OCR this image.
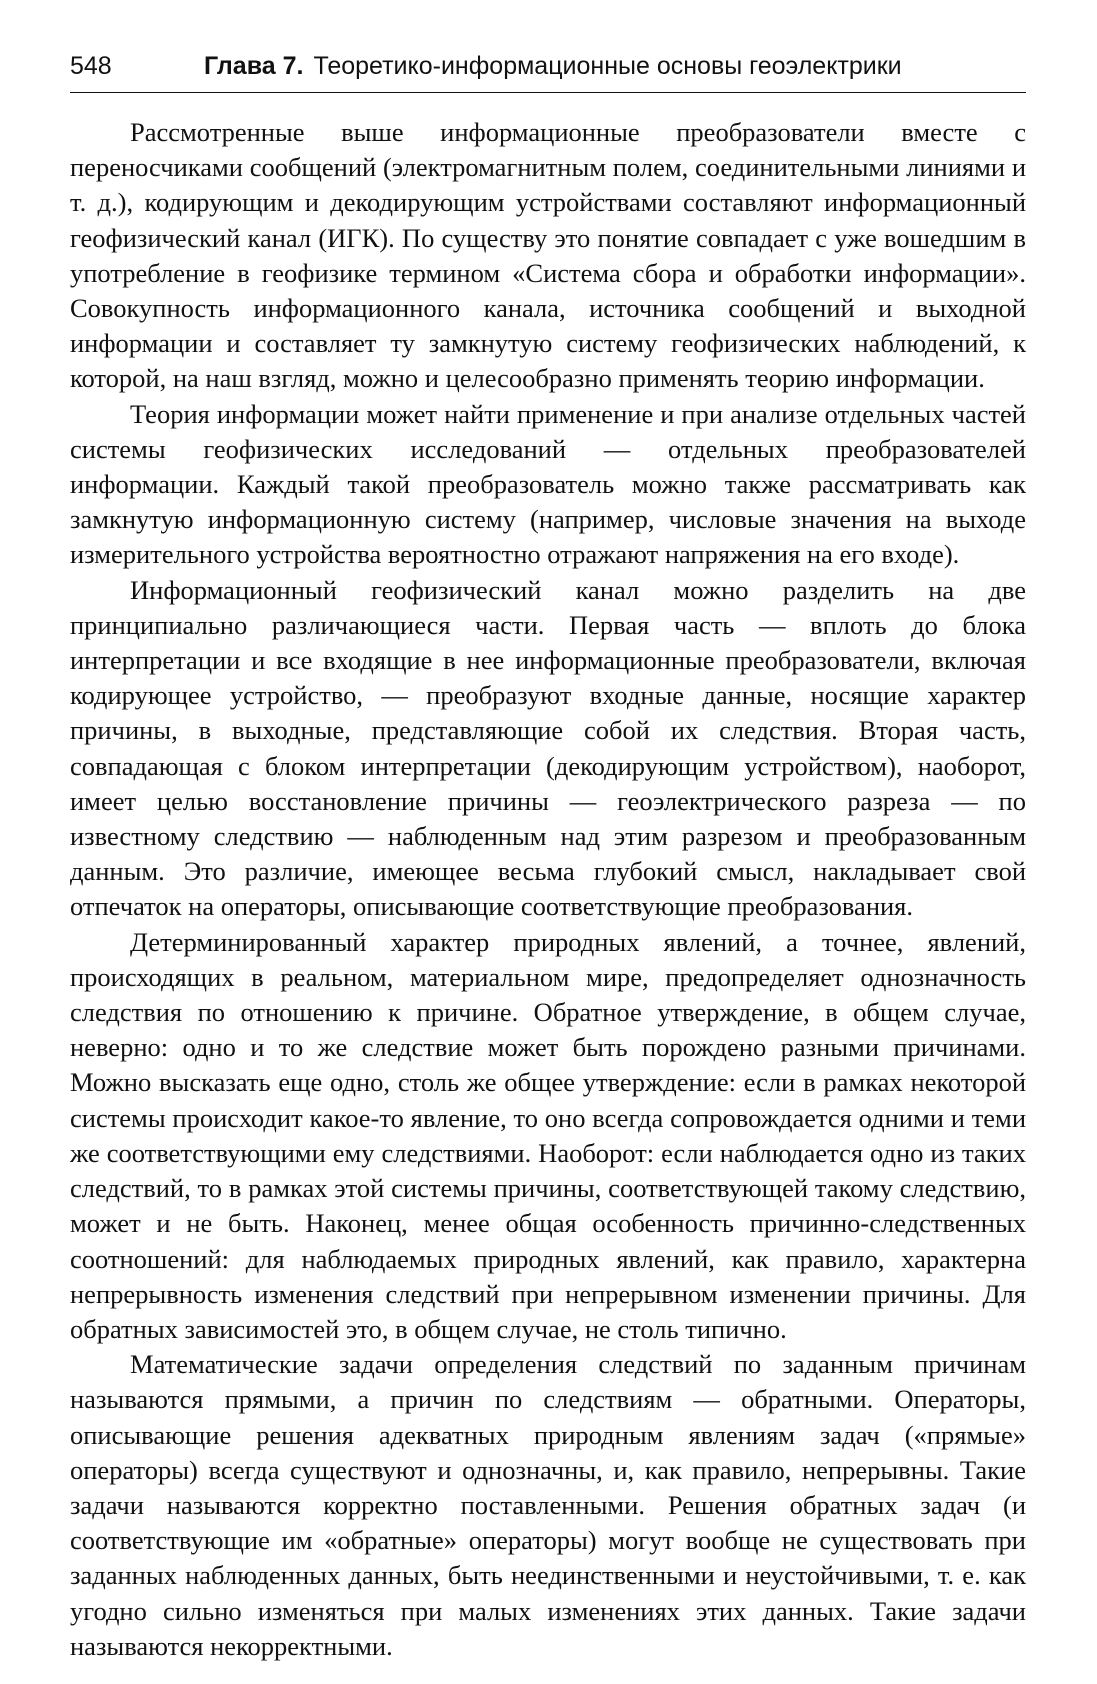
548	Глава 7. Теоретико-информационные основы геоэлектрики

Рассмотренные выше информационные преобразователи вместе с переносчиками сообщений (электромагнитным полем, соединительными линиями и т. д.), кодирующим и декодирующим устройствами составляют информационный геофизический канал (ИГК). По существу это понятие совпадает с уже вошедшим в употребление в геофизике термином «Система сбора и обработки информации». Совокупность информационного канала, источника сообщений и выходной информации и составляет ту замкнутую систему геофизических наблюдений, к которой, на наш взгляд, можно и целесообразно применять теорию информации.

Теория информации может найти применение и при анализе отдельных частей системы геофизических исследований — отдельных преобразователей информации. Каждый такой преобразователь можно также рассматривать как замкнутую информационную систему (например, числовые значения на выходе измерительного устройства вероятностно отражают напряжения на его входе).

Информационный геофизический канал можно разделить на две принципиально различающиеся части. Первая часть — вплоть до блока интерпретации и все входящие в нее информационные преобразователи, включая кодирующее устройство, — преобразуют входные данные, носящие характер причины, в выходные, представляющие собой их следствия. Вторая часть, совпадающая с блоком интерпретации (декодирующим устройством), наоборот, имеет целью восстановление причины — геоэлектрического разреза — по известному следствию — наблюденным над этим разрезом и преобразованным данным. Это различие, имеющее весьма глубокий смысл, накладывает свой отпечаток на операторы, описывающие соответствующие преобразования.

Детерминированный характер природных явлений, а точнее, явлений, происходящих в реальном, материальном мире, предопределяет однозначность следствия по отношению к причине. Обратное утверждение, в общем случае, неверно: одно и то же следствие может быть порождено разными причинами. Можно высказать еще одно, столь же общее утверждение: если в рамках некоторой системы происходит какое-то явление, то оно всегда сопровождается одними и теми же соответствующими ему следствиями. Наоборот: если наблюдается одно из таких следствий, то в рамках этой системы причины, соответствующей такому следствию, может и не быть. Наконец, менее общая особенность причинно-следственных соотношений: для наблюдаемых природных явлений, как правило, характерна непрерывность изменения следствий при непрерывном изменении причины. Для обратных зависимостей это, в общем случае, не столь типично.

Математические задачи определения следствий по заданным причинам называются прямыми, а причин по следствиям — обратными. Операторы, описывающие решения адекватных природным явлениям задач («прямые» операторы) всегда существуют и однозначны, и, как правило, непрерывны. Такие задачи называются корректно поставленными. Решения обратных задач (и соответствующие им «обратные» операторы) могут вообще не существовать при заданных наблюденных данных, быть неединственными и неустойчивыми, т. е. как угодно сильно изменяться при малых изменениях этих данных. Такие задачи называются некорректными.
